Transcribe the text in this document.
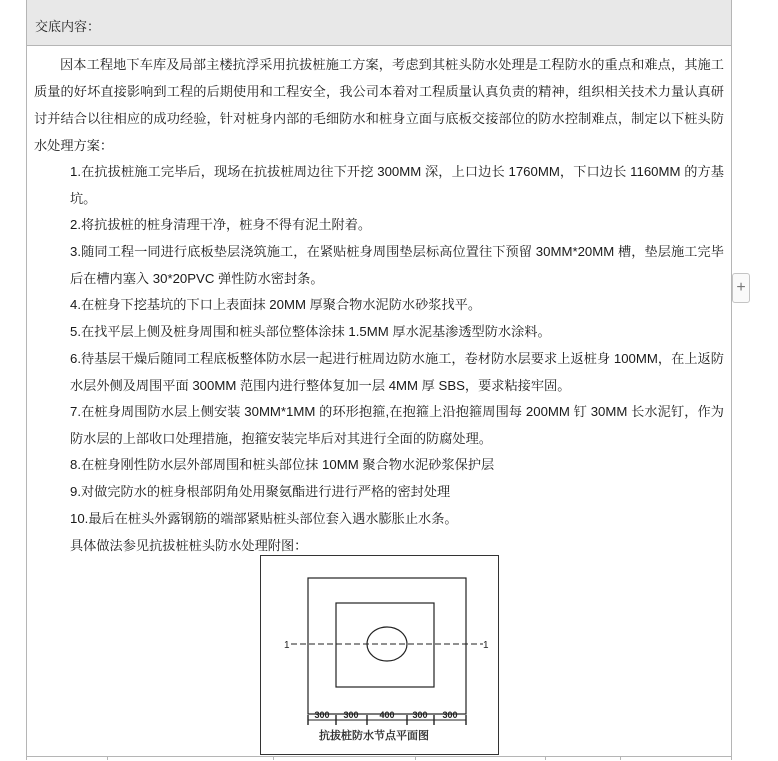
交底内容：

因本工程地下车库及局部主楼抗浮采用抗拔桩施工方案，考虑到其桩头防水处理是工程防水的重点和难点，其施工质量的好坏直接影响到工程的后期使用和工程安全，我公司本着对工程质量认真负责的精神，组织相关技术力量认真研讨并结合以往相应的成功经验，针对桩身内部的毛细防水和桩身立面与底板交接部位的防水控制难点，制定以下桩头防水处理方案：

1.在抗拔桩施工完毕后，现场在抗拔桩周边往下开挖 300MM 深，上口边长 1760MM，下口边长 1160MM 的方基坑。

2.将抗拔桩的桩身清理干净，桩身不得有泥土附着。

3.随同工程一同进行底板垫层浇筑施工，在紧贴桩身周围垫层标高位置往下预留 30MM*20MM 槽，垫层施工完毕后在槽内塞入 30*20PVC 弹性防水密封条。

4.在桩身下挖基坑的下口上表面抹 20MM 厚聚合物水泥防水砂浆找平。

5.在找平层上侧及桩身周围和桩头部位整体涂抹 1.5MM 厚水泥基渗透型防水涂料。

6.待基层干燥后随同工程底板整体防水层一起进行桩周边防水施工，卷材防水层要求上返桩身 100MM，在上返防水层外侧及周围平面 300MM 范围内进行整体复加一层 4MM 厚 SBS，要求粘接牢固。

7.在桩身周围防水层上侧安装 30MM*1MM 的环形抱箍,在抱箍上沿抱箍周围每 200MM 钉 30MM 长水泥钉，作为防水层的上部收口处理措施，抱箍安装完毕后对其进行全面的防腐处理。

8.在桩身刚性防水层外部周围和桩头部位抹 10MM 聚合物水泥砂浆保护层

9.对做完防水的桩身根部阴角处用聚氨酯进行进行严格的密封处理

10.最后在桩头外露钢筋的端部紧贴桩头部位套入遇水膨胀止水条。

具体做法参见抗拔桩桩头防水处理附图：

1	1
300 300 400 300 300
抗拔桩防水节点平面图
+
